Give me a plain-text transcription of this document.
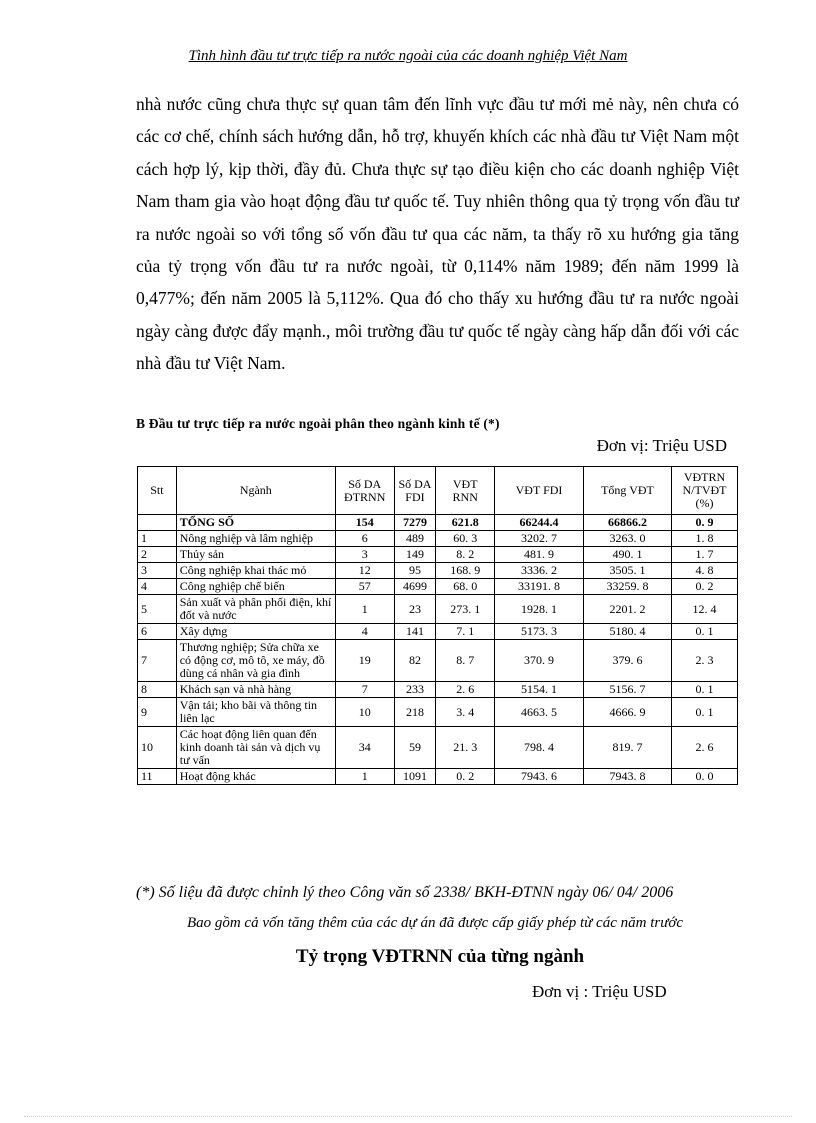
Tình hình đầu tư trực tiếp ra nước ngoài của các doanh nghiệp Việt Nam

nhà nước cũng chưa thực sự quan tâm đến lĩnh vực đầu tư mới mẻ này, nên chưa có các cơ chế, chính sách hướng dẫn, hỗ trợ, khuyến khích các nhà đầu tư Việt Nam một cách hợp lý, kịp thời, đầy đủ. Chưa thực sự tạo điều kiện cho các doanh nghiệp Việt Nam tham gia vào hoạt động đầu tư quốc tế. Tuy nhiên thông qua tỷ trọng vốn đầu tư ra nước ngoài so với tổng số vốn đầu tư qua các năm, ta thấy rõ xu hướng gia tăng của tỷ trọng vốn đầu tư ra nước ngoài, từ 0,114% năm 1989; đến năm 1999 là 0,477%; đến năm 2005 là 5,112%. Qua đó cho thấy xu hướng đầu tư ra nước ngoài ngày càng được đẩy mạnh., môi trường đầu tư quốc tế ngày càng hấp dẫn đối với các nhà đầu tư Việt Nam.

B Đầu tư trực tiếp ra nước ngoài phân theo ngành kinh tế (*)
Đơn vị: Triệu USD
Stt	Ngành	Số DA ĐTRNN	Số DA FDI	VĐT RNN	VĐT FDI	Tổng VĐT	VĐTRN N/TVĐT (%)
	TỔNG SỐ	154	7279	621.8	66244.4	66866.2	0. 9
1	Nông nghiệp và lâm nghiệp	6	489	60. 3	3202. 7	3263. 0	1. 8
2	Thủy sản	3	149	8. 2	481. 9	490. 1	1. 7
3	Công nghiệp khai thác mỏ	12	95	168. 9	3336. 2	3505. 1	4. 8
4	Công nghiệp chế biến	57	4699	68. 0	33191. 8	33259. 8	0. 2
5	Sản xuất và phân phối điện, khí đốt và nước	1	23	273. 1	1928. 1	2201. 2	12. 4
6	Xây dựng	4	141	7. 1	5173. 3	5180. 4	0. 1
7	Thương nghiệp; Sửa chữa xe có động cơ, mô tô, xe máy, đồ dùng cá nhân và gia đình	19	82	8. 7	370. 9	379. 6	2. 3
8	Khách sạn và nhà hàng	7	233	2. 6	5154. 1	5156. 7	0. 1
9	Vận tải; kho bãi và thông tin liên lạc	10	218	3. 4	4663. 5	4666. 9	0. 1
10	Các hoạt động liên quan đến kinh doanh tài sản và dịch vụ tư vấn	34	59	21. 3	798. 4	819. 7	2. 6
11	Hoạt động khác	1	1091	0. 2	7943. 6	7943. 8	0. 0
(*) Số liệu đã được chỉnh lý theo Công văn số 2338/ BKH-ĐTNN ngày 06/ 04/ 2006
Bao gồm cả vốn tăng thêm của các dự án đã được cấp giấy phép từ các năm trước
Tỷ trọng VĐTRNN của từng ngành
Đơn vị : Triệu USD
